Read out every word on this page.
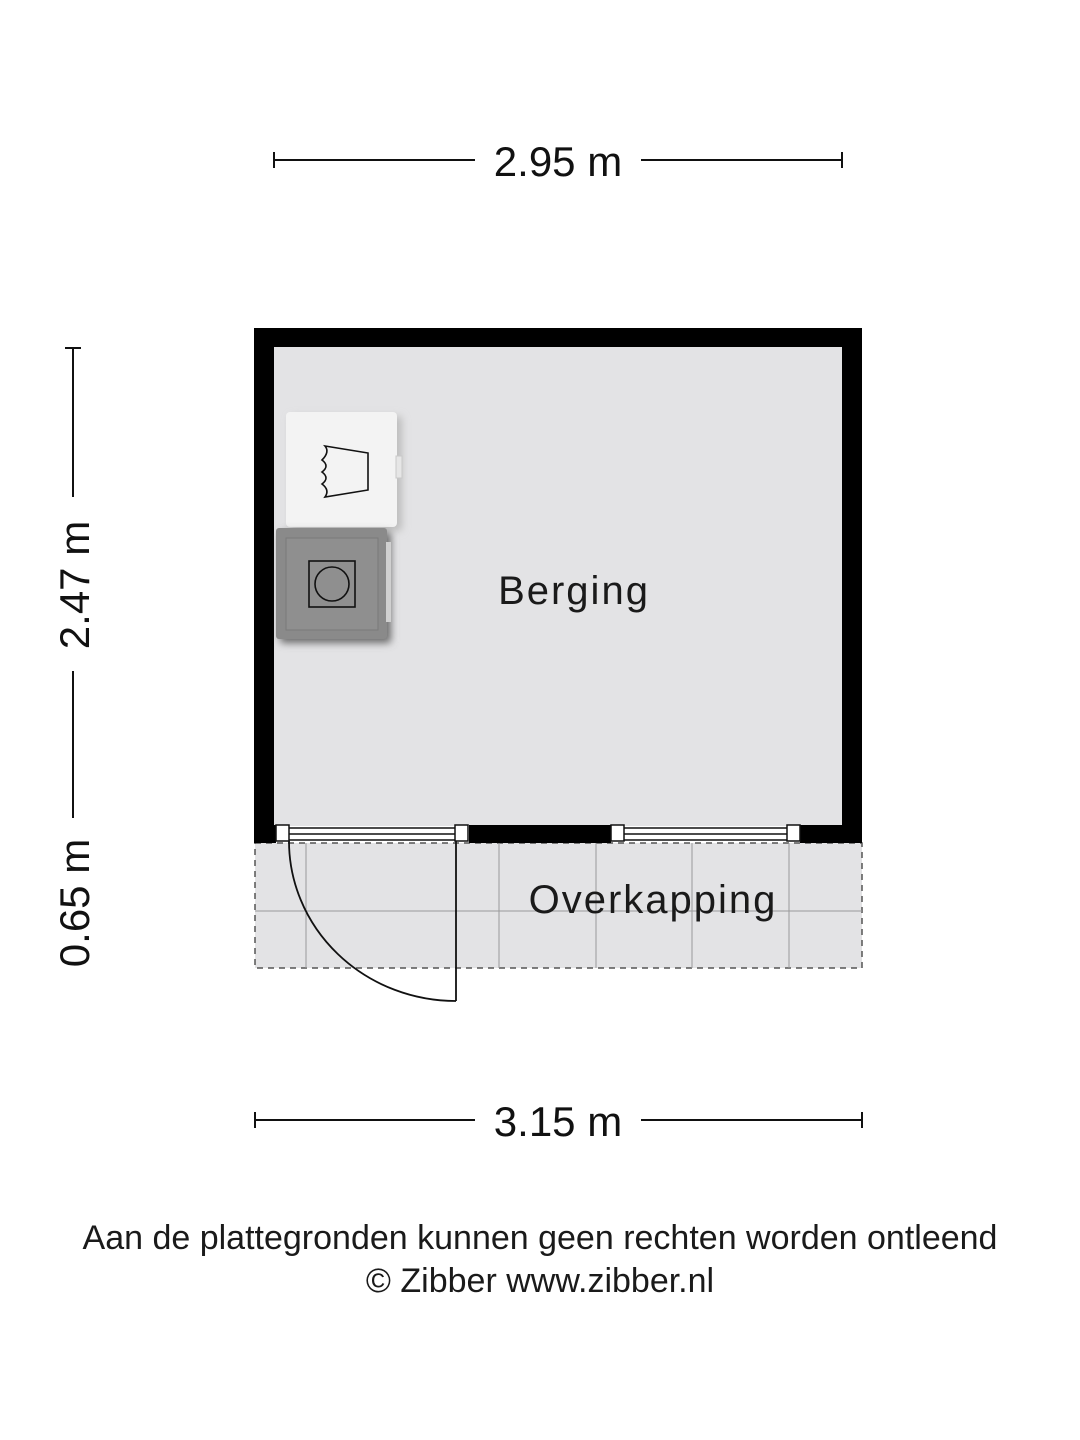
2.95 m
2.47 m
0.65 m
Berging
Overkapping
3.15 m
Aan de plattegronden kunnen geen rechten worden ontleend
© Zibber www.zibber.nl
